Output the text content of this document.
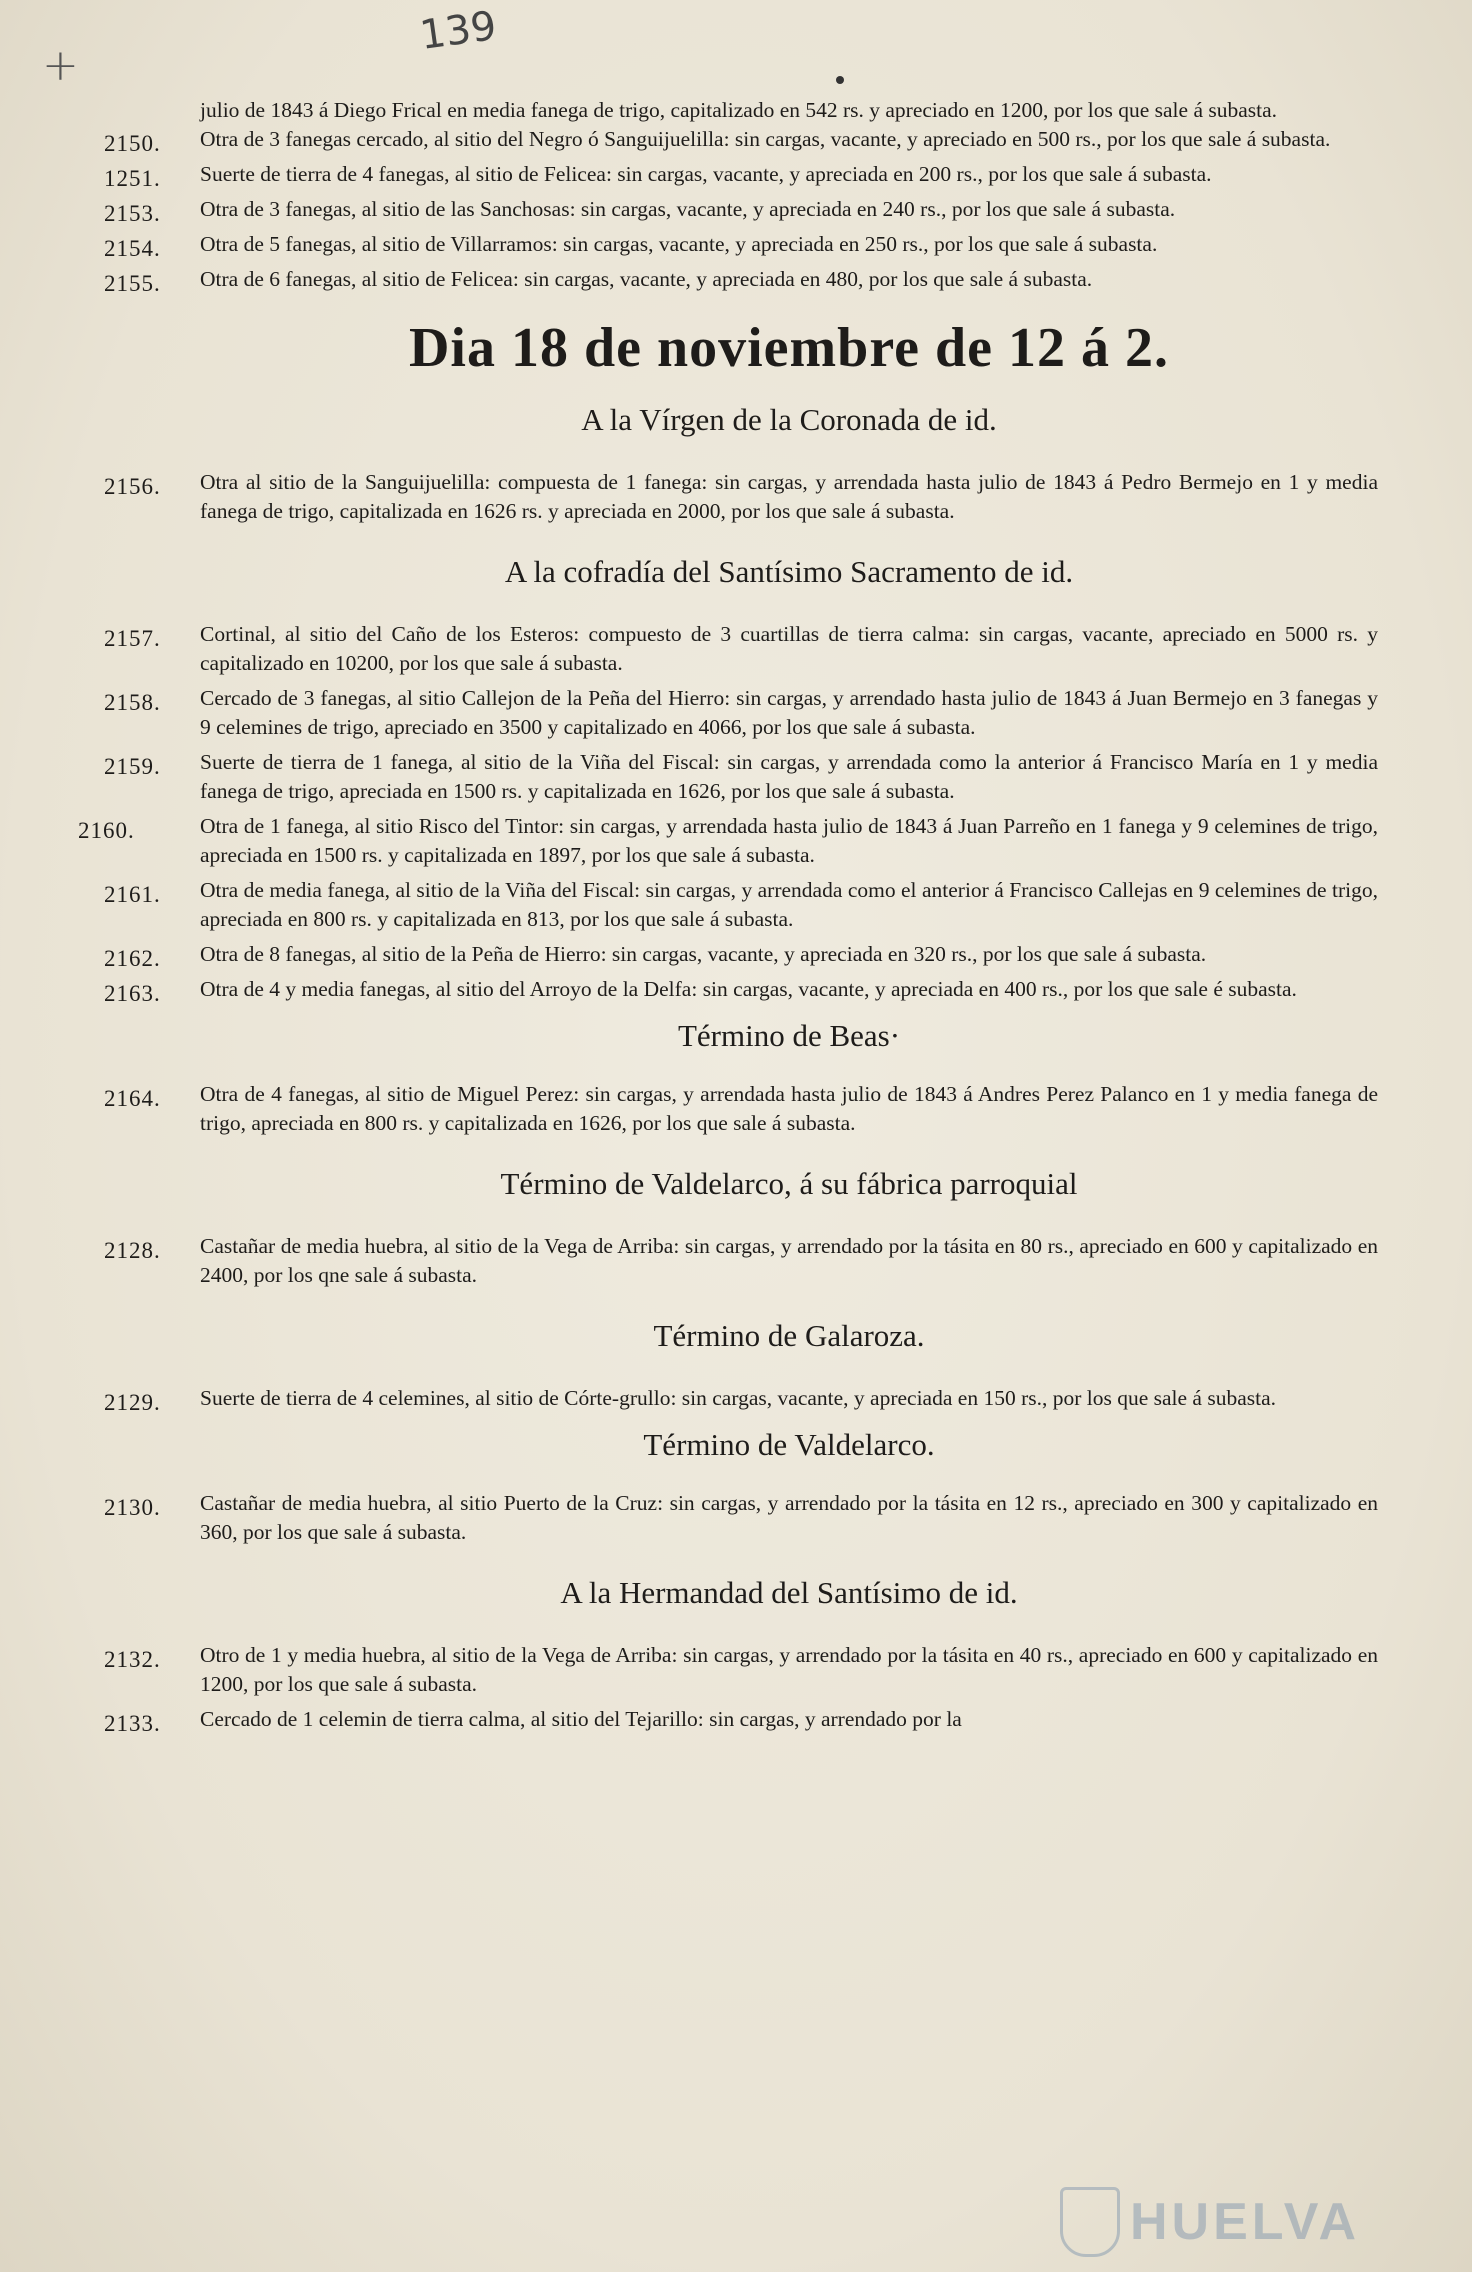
+
139
julio de 1843 á Diego Frical en media fanega de trigo, capitalizado en 542 rs. y apreciado en 1200, por los que sale á subasta.
2150.	Otra de 3 fanegas cercado, al sitio del Negro ó Sanguijuelilla: sin cargas, vacante, y apreciado en 500 rs., por los que sale á subasta.
1251.	Suerte de tierra de 4 fanegas, al sitio de Felicea: sin cargas, vacante, y apreciada en 200 rs., por los que sale á subasta.
2153.	Otra de 3 fanegas, al sitio de las Sanchosas: sin cargas, vacante, y apreciada en 240 rs., por los que sale á subasta.
2154.	Otra de 5 fanegas, al sitio de Villarramos: sin cargas, vacante, y apreciada en 250 rs., por los que sale á subasta.
2155.	Otra de 6 fanegas, al sitio de Felicea: sin cargas, vacante, y apreciada en 480, por los que sale á subasta.
Dia 18 de noviembre de 12 á 2.
A la Vírgen de la Coronada de id.
2156.	Otra al sitio de la Sanguijuelilla: compuesta de 1 fanega: sin cargas, y arrendada hasta julio de 1843 á Pedro Bermejo en 1 y media fanega de trigo, capitalizada en 1626 rs. y apreciada en 2000, por los que sale á subasta.
A la cofradía del Santísimo Sacramento de id.
2157.	Cortinal, al sitio del Caño de los Esteros: compuesto de 3 cuartillas de tierra calma: sin cargas, vacante, apreciado en 5000 rs. y capitalizado en 10200, por los que sale á subasta.
2158.	Cercado de 3 fanegas, al sitio Callejon de la Peña del Hierro: sin cargas, y arrendado hasta julio de 1843 á Juan Bermejo en 3 fanegas y 9 celemines de trigo, apreciado en 3500 y capitalizado en 4066, por los que sale á subasta.
2159.	Suerte de tierra de 1 fanega, al sitio de la Viña del Fiscal: sin cargas, y arrendada como la anterior á Francisco María en 1 y media fanega de trigo, apreciada en 1500 rs. y capitalizada en 1626, por los que sale á subasta.
2160.	Otra de 1 fanega, al sitio Risco del Tintor: sin cargas, y arrendada hasta julio de 1843 á Juan Parreño en 1 fanega y 9 celemines de trigo, apreciada en 1500 rs. y capitalizada en 1897, por los que sale á subasta.
2161.	Otra de media fanega, al sitio de la Viña del Fiscal: sin cargas, y arrendada como el anterior á Francisco Callejas en 9 celemines de trigo, apreciada en 800 rs. y capitalizada en 813, por los que sale á subasta.
2162.	Otra de 8 fanegas, al sitio de la Peña de Hierro: sin cargas, vacante, y apreciada en 320 rs., por los que sale á subasta.
2163.	Otra de 4 y media fanegas, al sitio del Arroyo de la Delfa: sin cargas, vacante, y apreciada en 400 rs., por los que sale é subasta.
Término de Beas·
2164.	Otra de 4 fanegas, al sitio de Miguel Perez: sin cargas, y arrendada hasta julio de 1843 á Andres Perez Palanco en 1 y media fanega de trigo, apreciada en 800 rs. y capitalizada en 1626, por los que sale á subasta.
Término de Valdelarco, á su fábrica parroquial
2128.	Castañar de media huebra, al sitio de la Vega de Arriba: sin cargas, y arrendado por la tásita en 80 rs., apreciado en 600 y capitalizado en 2400, por los qne sale á subasta.
Término de Galaroza.
2129.	Suerte de tierra de 4 celemines, al sitio de Córte-grullo: sin cargas, vacante, y apreciada en 150 rs., por los que sale á subasta.
Término de Valdelarco.
2130.	Castañar de media huebra, al sitio Puerto de la Cruz: sin cargas, y arrendado por la tásita en 12 rs., apreciado en 300 y capitalizado en 360, por los que sale á subasta.
A la Hermandad del Santísimo de id.
2132.	Otro de 1 y media huebra, al sitio de la Vega de Arriba: sin cargas, y arrendado por la tásita en 40 rs., apreciado en 600 y capitalizado en 1200, por los que sale á subasta.
2133.	Cercado de 1 celemin de tierra calma, al sitio del Tejarillo: sin cargas, y arrendado por la
HUELVA
